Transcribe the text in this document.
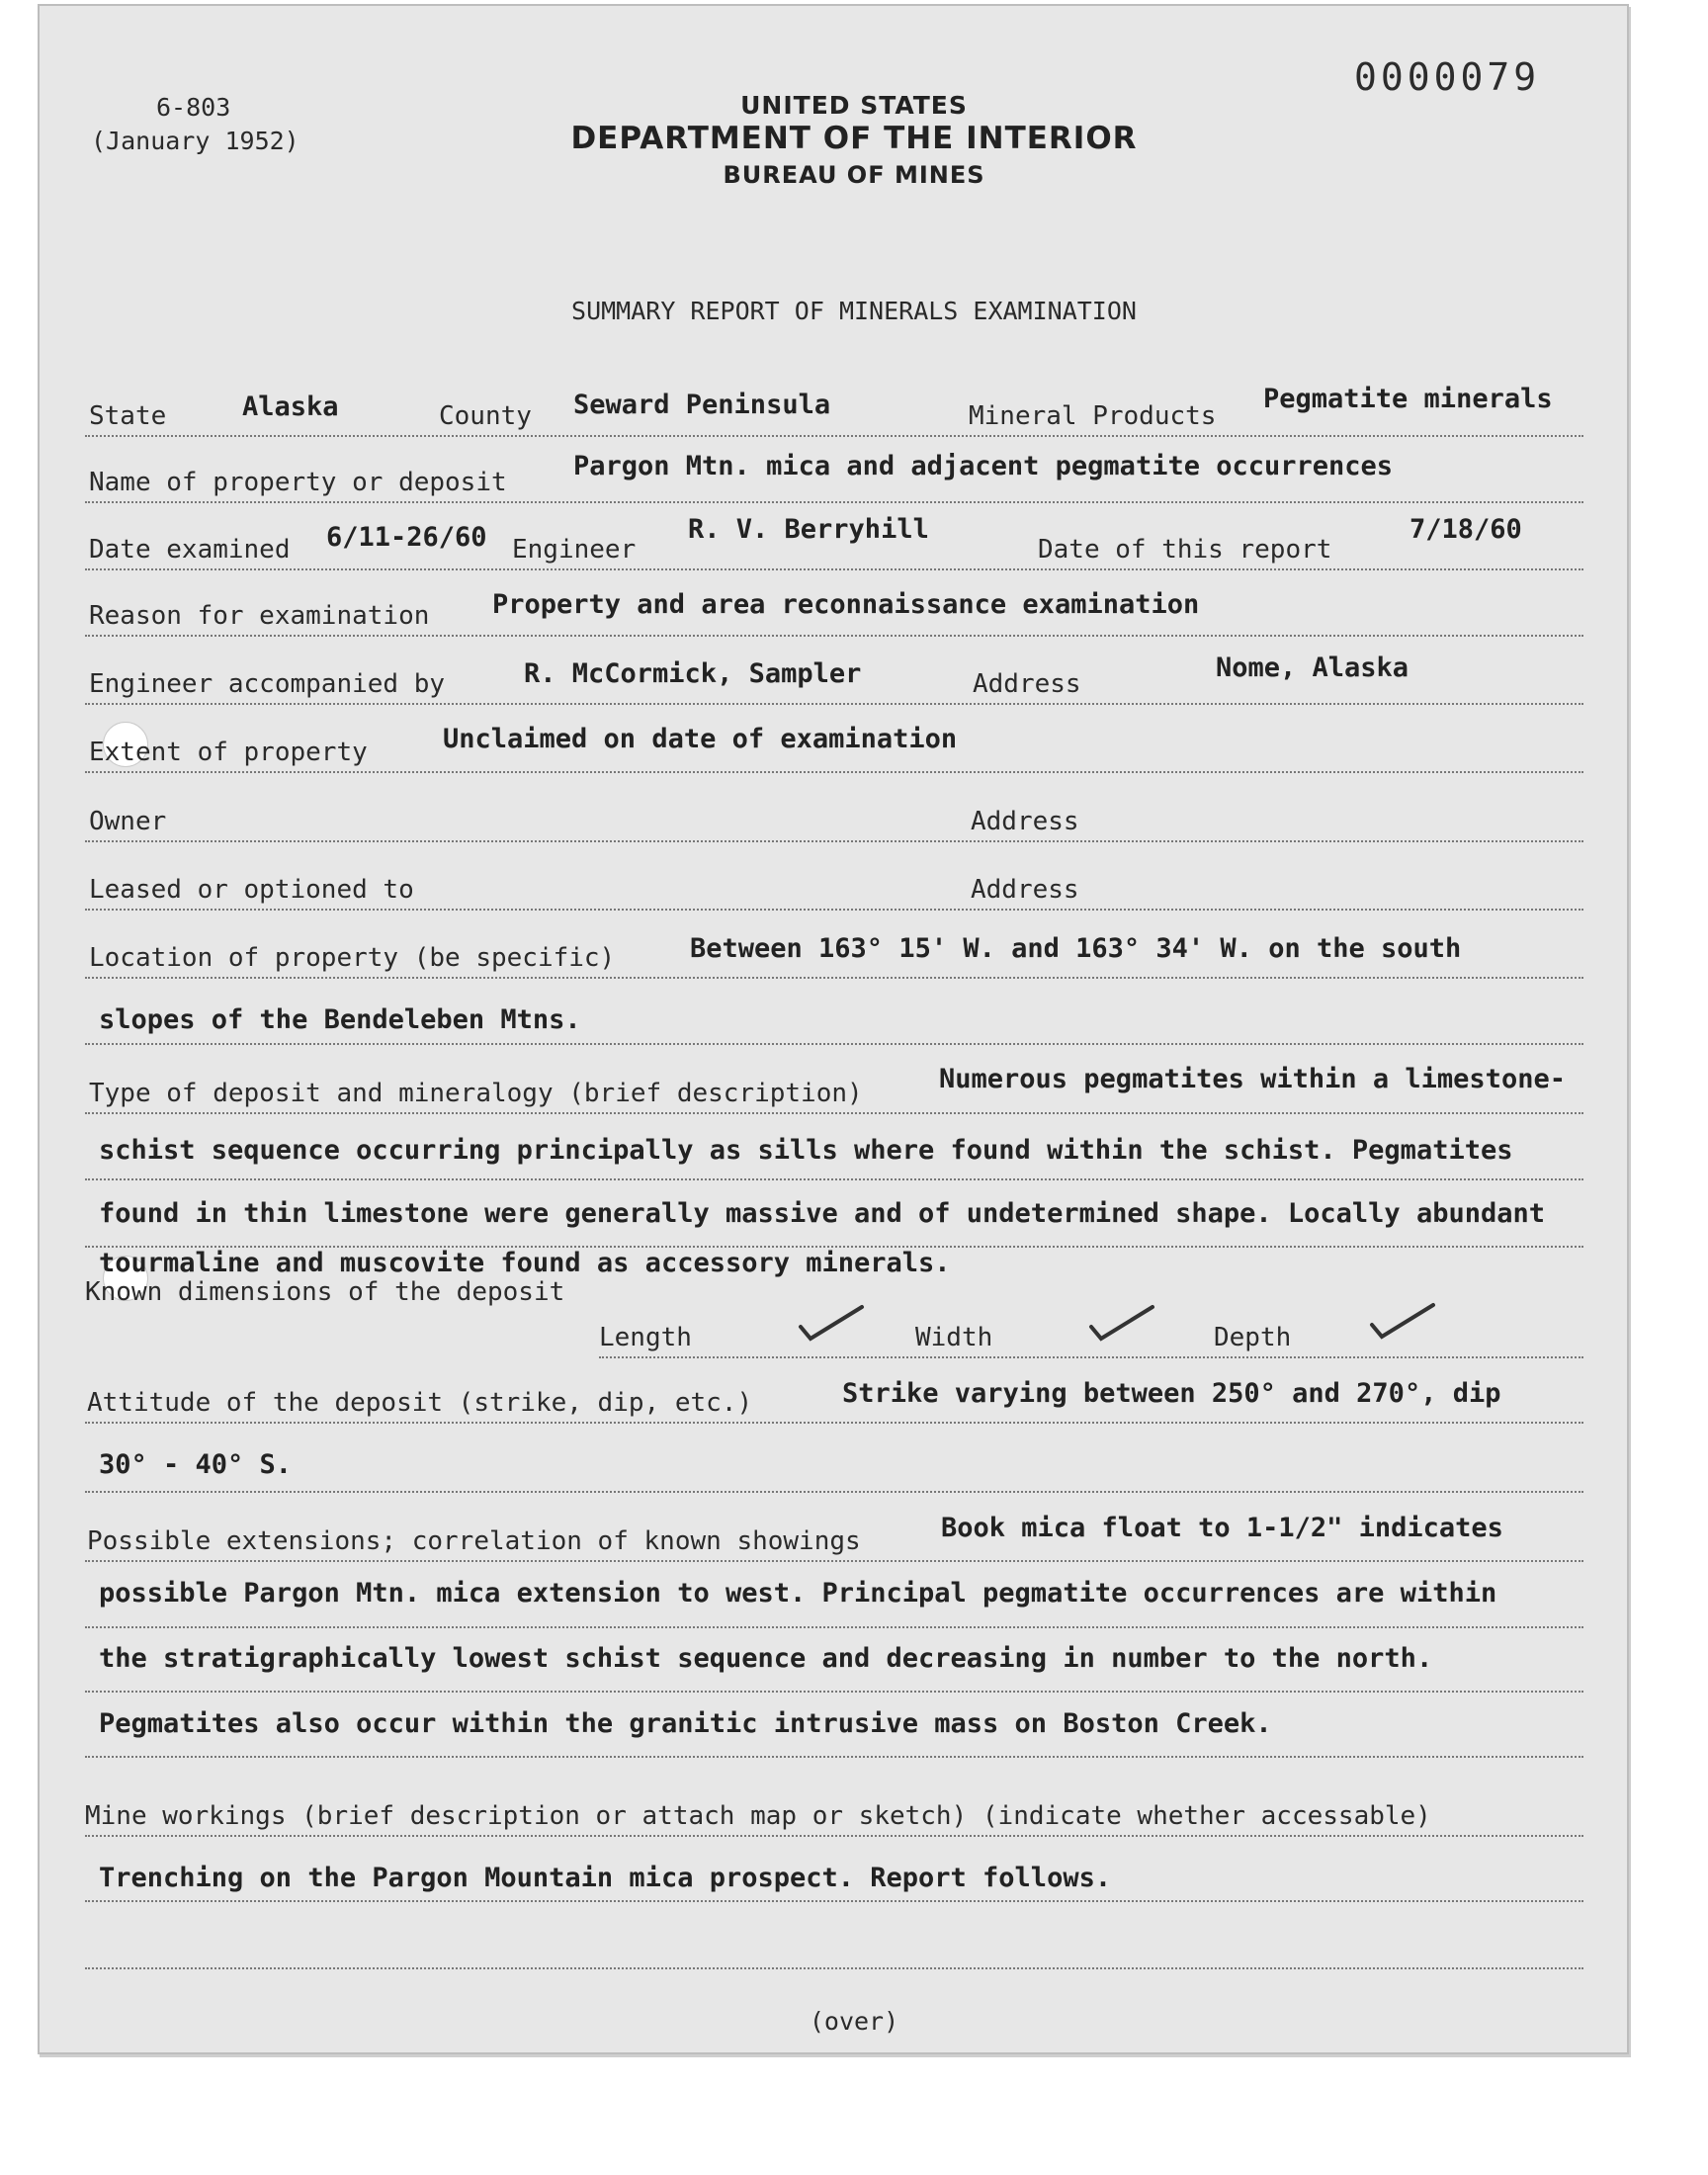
0000079
6-803
(January 1952)
UNITED STATES
DEPARTMENT OF THE INTERIOR
BUREAU OF MINES
SUMMARY REPORT OF MINERALS EXAMINATION
State	County	Mineral Products
Alaska	Seward Peninsula	Pegmatite minerals
Name of property or deposit
Pargon Mtn. mica and adjacent pegmatite occurrences
Date examined	Engineer	Date of this report
6/11-26/60	R. V. Berryhill	7/18/60
Reason for examination Property and area reconnaissance examination
Engineer accompanied by	Address
R. McCormick, Sampler	Nome, Alaska
Extent of property	Unclaimed on date of examination
Owner	Address
Leased or optioned to	Address
Location of property (be specific)	Between 163° 15' W. and 163° 34' W. on the south
slopes of the Bendeleben Mtns.
Type of deposit and mineralogy (brief description)	Numerous pegmatites within a limestone-
schist sequence occurring principally as sills where found within the schist. Pegmatites
found in thin limestone were generally massive and of undetermined shape. Locally abundant
tourmaline and muscovite found as accessory minerals.
Known dimensions of the deposit
Length	Width	Depth
Attitude of the deposit (strike, dip, etc.)	Strike varying between 250° and 270°, dip
30° - 40° S.
Possible extensions; correlation of known showings	Book mica float to 1-1/2" indicates
possible Pargon Mtn. mica extension to west. Principal pegmatite occurrences are within
the stratigraphically lowest schist sequence and decreasing in number to the north.
Pegmatites also occur within the granitic intrusive mass on Boston Creek.
Mine workings (brief description or attach map or sketch) (indicate whether accessable)
Trenching on the Pargon Mountain mica prospect. Report follows.
(over)
